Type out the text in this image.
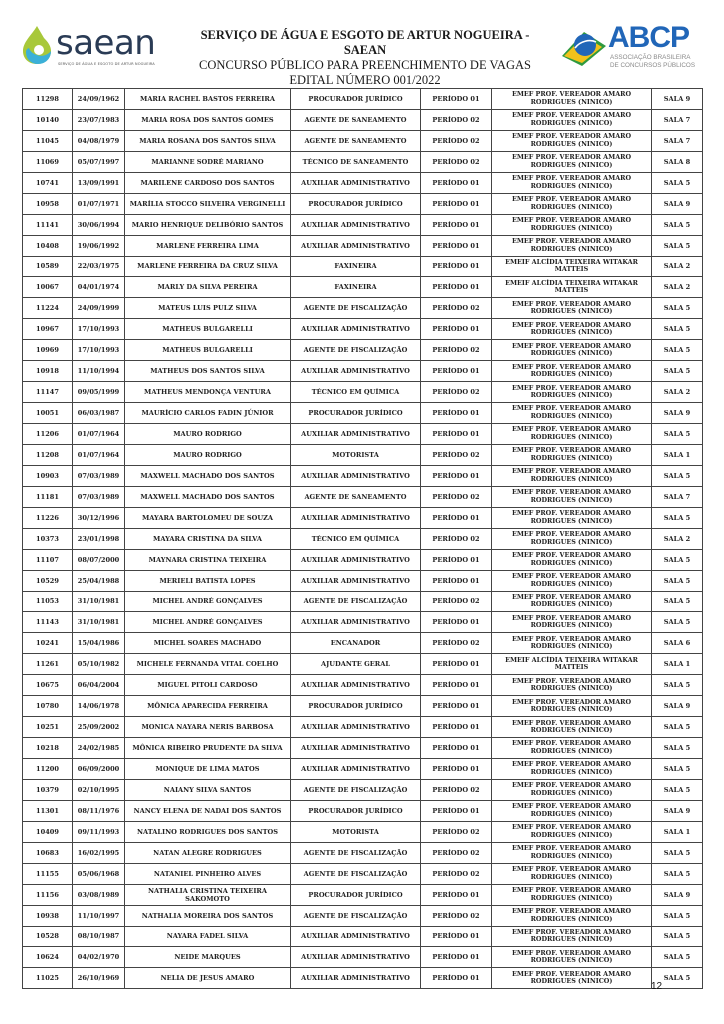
saean
SERVIÇO DE ÁGUA E ESGOTO DE ARTUR NOGUEIRA
SERVIÇO DE ÁGUA E ESGOTO DE ARTUR NOGUEIRA - SAEAN
CONCURSO PÚBLICO PARA PREENCHIMENTO DE VAGAS
EDITAL NÚMERO 001/2022
ABCP
ASSOCIAÇÃO BRASILEIRA
DE CONCURSOS PÚBLICOS
11298	24/09/1962	MARIA RACHEL BASTOS FERREIRA	PROCURADOR JURÍDICO	PERÍODO 01	EMEF PROF. VEREADOR AMARO RODRIGUES (NINICO)	SALA 9
10140	23/07/1983	MARIA ROSA DOS SANTOS GOMES	AGENTE DE SANEAMENTO	PERÍODO 02	EMEF PROF. VEREADOR AMARO RODRIGUES (NINICO)	SALA 7
11045	04/08/1979	MARIA ROSANA DOS SANTOS SILVA	AGENTE DE SANEAMENTO	PERÍODO 02	EMEF PROF. VEREADOR AMARO RODRIGUES (NINICO)	SALA 7
11069	05/07/1997	MARIANNE SODRÉ MARIANO	TÉCNICO DE SANEAMENTO	PERÍODO 02	EMEF PROF. VEREADOR AMARO RODRIGUES (NINICO)	SALA 8
10741	13/09/1991	MARILENE CARDOSO DOS SANTOS	AUXILIAR ADMINISTRATIVO	PERÍODO 01	EMEF PROF. VEREADOR AMARO RODRIGUES (NINICO)	SALA 5
10958	01/07/1971	MARÍLIA STOCCO SILVEIRA VERGINELLI	PROCURADOR JURÍDICO	PERÍODO 01	EMEF PROF. VEREADOR AMARO RODRIGUES (NINICO)	SALA 9
11141	30/06/1994	MARIO HENRIQUE DELIBÓRIO SANTOS	AUXILIAR ADMINISTRATIVO	PERÍODO 01	EMEF PROF. VEREADOR AMARO RODRIGUES (NINICO)	SALA 5
10408	19/06/1992	MARLENE FERREIRA LIMA	AUXILIAR ADMINISTRATIVO	PERÍODO 01	EMEF PROF. VEREADOR AMARO RODRIGUES (NINICO)	SALA 5
10589	22/03/1975	MARLENE FERREIRA DA CRUZ SILVA	FAXINEIRA	PERÍODO 01	EMEIF ALCÍDIA TEIXEIRA WITAKAR MATTEIS	SALA 2
10067	04/01/1974	MARLY DA SILVA PEREIRA	FAXINEIRA	PERÍODO 01	EMEIF ALCÍDIA TEIXEIRA WITAKAR MATTEIS	SALA 2
11224	24/09/1999	MATEUS LUIS PULZ SILVA	AGENTE DE FISCALIZAÇÃO	PERÍODO 02	EMEF PROF. VEREADOR AMARO RODRIGUES (NINICO)	SALA 5
10967	17/10/1993	MATHEUS BULGARELLI	AUXILIAR ADMINISTRATIVO	PERÍODO 01	EMEF PROF. VEREADOR AMARO RODRIGUES (NINICO)	SALA 5
10969	17/10/1993	MATHEUS BULGARELLI	AGENTE DE FISCALIZAÇÃO	PERÍODO 02	EMEF PROF. VEREADOR AMARO RODRIGUES (NINICO)	SALA 5
10918	11/10/1994	MATHEUS DOS SANTOS SILVA	AUXILIAR ADMINISTRATIVO	PERÍODO 01	EMEF PROF. VEREADOR AMARO RODRIGUES (NINICO)	SALA 5
11147	09/05/1999	MATHEUS MENDONÇA VENTURA	TÉCNICO EM QUÍMICA	PERÍODO 02	EMEF PROF. VEREADOR AMARO RODRIGUES (NINICO)	SALA 2
10051	06/03/1987	MAURÍCIO CARLOS FADIN JÚNIOR	PROCURADOR JURÍDICO	PERÍODO 01	EMEF PROF. VEREADOR AMARO RODRIGUES (NINICO)	SALA 9
11206	01/07/1964	MAURO RODRIGO	AUXILIAR ADMINISTRATIVO	PERÍODO 01	EMEF PROF. VEREADOR AMARO RODRIGUES (NINICO)	SALA 5
11208	01/07/1964	MAURO RODRIGO	MOTORISTA	PERÍODO 02	EMEF PROF. VEREADOR AMARO RODRIGUES (NINICO)	SALA 1
10903	07/03/1989	MAXWELL MACHADO DOS SANTOS	AUXILIAR ADMINISTRATIVO	PERÍODO 01	EMEF PROF. VEREADOR AMARO RODRIGUES (NINICO)	SALA 5
11181	07/03/1989	MAXWELL MACHADO DOS SANTOS	AGENTE DE SANEAMENTO	PERÍODO 02	EMEF PROF. VEREADOR AMARO RODRIGUES (NINICO)	SALA 7
11226	30/12/1996	MAYARA BARTOLOMEU DE SOUZA	AUXILIAR ADMINISTRATIVO	PERÍODO 01	EMEF PROF. VEREADOR AMARO RODRIGUES (NINICO)	SALA 5
10373	23/01/1998	MAYARA CRISTINA DA SILVA	TÉCNICO EM QUÍMICA	PERÍODO 02	EMEF PROF. VEREADOR AMARO RODRIGUES (NINICO)	SALA 2
11107	08/07/2000	MAYNARA CRISTINA TEIXEIRA	AUXILIAR ADMINISTRATIVO	PERÍODO 01	EMEF PROF. VEREADOR AMARO RODRIGUES (NINICO)	SALA 5
10529	25/04/1988	MERIELI BATISTA LOPES	AUXILIAR ADMINISTRATIVO	PERÍODO 01	EMEF PROF. VEREADOR AMARO RODRIGUES (NINICO)	SALA 5
11053	31/10/1981	MICHEL ANDRÉ GONÇALVES	AGENTE DE FISCALIZAÇÃO	PERÍODO 02	EMEF PROF. VEREADOR AMARO RODRIGUES (NINICO)	SALA 5
11143	31/10/1981	MICHEL ANDRÉ GONÇALVES	AUXILIAR ADMINISTRATIVO	PERÍODO 01	EMEF PROF. VEREADOR AMARO RODRIGUES (NINICO)	SALA 5
10241	15/04/1986	MICHEL SOARES MACHADO	ENCANADOR	PERÍODO 02	EMEF PROF. VEREADOR AMARO RODRIGUES (NINICO)	SALA 6
11261	05/10/1982	MICHELE FERNANDA VITAL COELHO	AJUDANTE GERAL	PERÍODO 01	EMEIF ALCÍDIA TEIXEIRA WITAKAR MATTEIS	SALA 1
10675	06/04/2004	MIGUEL PITOLI CARDOSO	AUXILIAR ADMINISTRATIVO	PERÍODO 01	EMEF PROF. VEREADOR AMARO RODRIGUES (NINICO)	SALA 5
10780	14/06/1978	MÔNICA APARECIDA FERREIRA	PROCURADOR JURÍDICO	PERÍODO 01	EMEF PROF. VEREADOR AMARO RODRIGUES (NINICO)	SALA 9
10251	25/09/2002	MONICA NAYARA NERIS BARBOSA	AUXILIAR ADMINISTRATIVO	PERÍODO 01	EMEF PROF. VEREADOR AMARO RODRIGUES (NINICO)	SALA 5
10218	24/02/1985	MÔNICA RIBEIRO PRUDENTE DA SILVA	AUXILIAR ADMINISTRATIVO	PERÍODO 01	EMEF PROF. VEREADOR AMARO RODRIGUES (NINICO)	SALA 5
11200	06/09/2000	MONIQUE DE LIMA MATOS	AUXILIAR ADMINISTRATIVO	PERÍODO 01	EMEF PROF. VEREADOR AMARO RODRIGUES (NINICO)	SALA 5
10379	02/10/1995	NAIANY SILVA SANTOS	AGENTE DE FISCALIZAÇÃO	PERÍODO 02	EMEF PROF. VEREADOR AMARO RODRIGUES (NINICO)	SALA 5
11301	08/11/1976	NANCY ELENA DE NADAI DOS SANTOS	PROCURADOR JURÍDICO	PERÍODO 01	EMEF PROF. VEREADOR AMARO RODRIGUES (NINICO)	SALA 9
10409	09/11/1993	NATALINO RODRIGUES DOS SANTOS	MOTORISTA	PERÍODO 02	EMEF PROF. VEREADOR AMARO RODRIGUES (NINICO)	SALA 1
10683	16/02/1995	NATAN ALEGRE RODRIGUES	AGENTE DE FISCALIZAÇÃO	PERÍODO 02	EMEF PROF. VEREADOR AMARO RODRIGUES (NINICO)	SALA 5
11155	05/06/1968	NATANIEL PINHEIRO ALVES	AGENTE DE FISCALIZAÇÃO	PERÍODO 02	EMEF PROF. VEREADOR AMARO RODRIGUES (NINICO)	SALA 5
11156	03/08/1989	NATHALIA CRISTINA TEIXEIRA SAKOMOTO	PROCURADOR JURÍDICO	PERÍODO 01	EMEF PROF. VEREADOR AMARO RODRIGUES (NINICO)	SALA 9
10938	11/10/1997	NATHALIA MOREIRA DOS SANTOS	AGENTE DE FISCALIZAÇÃO	PERÍODO 02	EMEF PROF. VEREADOR AMARO RODRIGUES (NINICO)	SALA 5
10528	08/10/1987	NAYARA FADEL SILVA	AUXILIAR ADMINISTRATIVO	PERÍODO 01	EMEF PROF. VEREADOR AMARO RODRIGUES (NINICO)	SALA 5
10624	04/02/1970	NEIDE MARQUES	AUXILIAR ADMINISTRATIVO	PERÍODO 01	EMEF PROF. VEREADOR AMARO RODRIGUES (NINICO)	SALA 5
11025	26/10/1969	NELIA DE JESUS AMARO	AUXILIAR ADMINISTRATIVO	PERÍODO 01	EMEF PROF. VEREADOR AMARO RODRIGUES (NINICO)	SALA 5
12
